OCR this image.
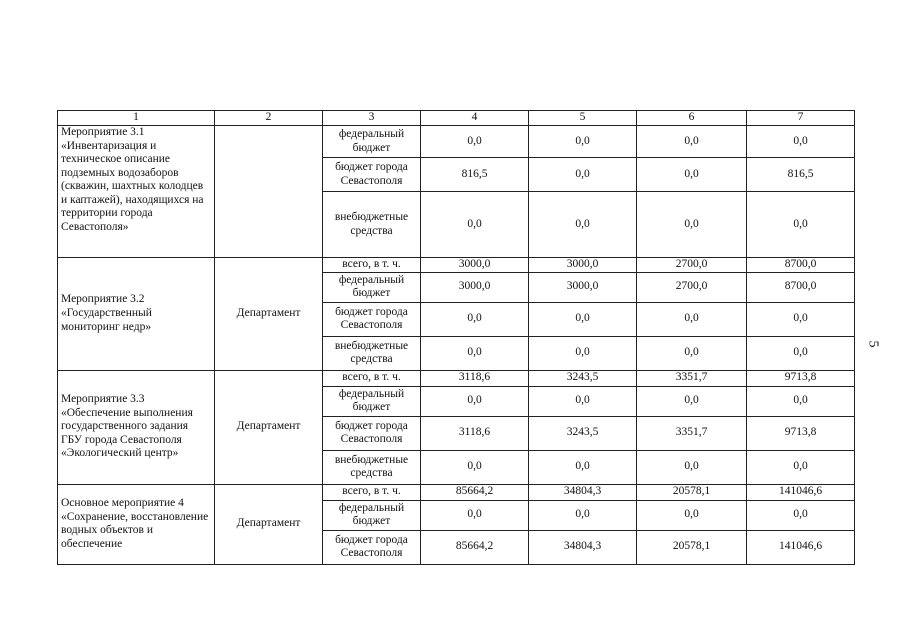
1	2	3	4	5	6	7
Мероприятие 3.1 «Инвентаризация и техническое описание подземных водозаборов (скважин, шахтных колодцев и каптажей), находящихся на территории города Севастополя»		федеральный бюджет	0,0	0,0	0,0	0,0
		бюджет города Севастополя	816,5	0,0	0,0	816,5
		внебюджетные средства	0,0	0,0	0,0	0,0
Мероприятие 3.2 «Государственный мониторинг недр»	Департамент	всего, в т. ч.	3000,0	3000,0	2700,0	8700,0
		федеральный бюджет	3000,0	3000,0	2700,0	8700,0
		бюджет города Севастополя	0,0	0,0	0,0	0,0
		внебюджетные средства	0,0	0,0	0,0	0,0
Мероприятие 3.3 «Обеспечение выполнения государственного задания ГБУ города Севастополя «Экологический центр»	Департамент	всего, в т. ч.	3118,6	3243,5	3351,7	9713,8
		федеральный бюджет	0,0	0,0	0,0	0,0
		бюджет города Севастополя	3118,6	3243,5	3351,7	9713,8
		внебюджетные средства	0,0	0,0	0,0	0,0
Основное мероприятие 4 «Сохранение, восстановление водных объектов и обеспечение	Департамент	всего, в т. ч.	85664,2	34804,3	20578,1	141046,6
		федеральный бюджет	0,0	0,0	0,0	0,0
		бюджет города Севастополя	85664,2	34804,3	20578,1	141046,6
5
